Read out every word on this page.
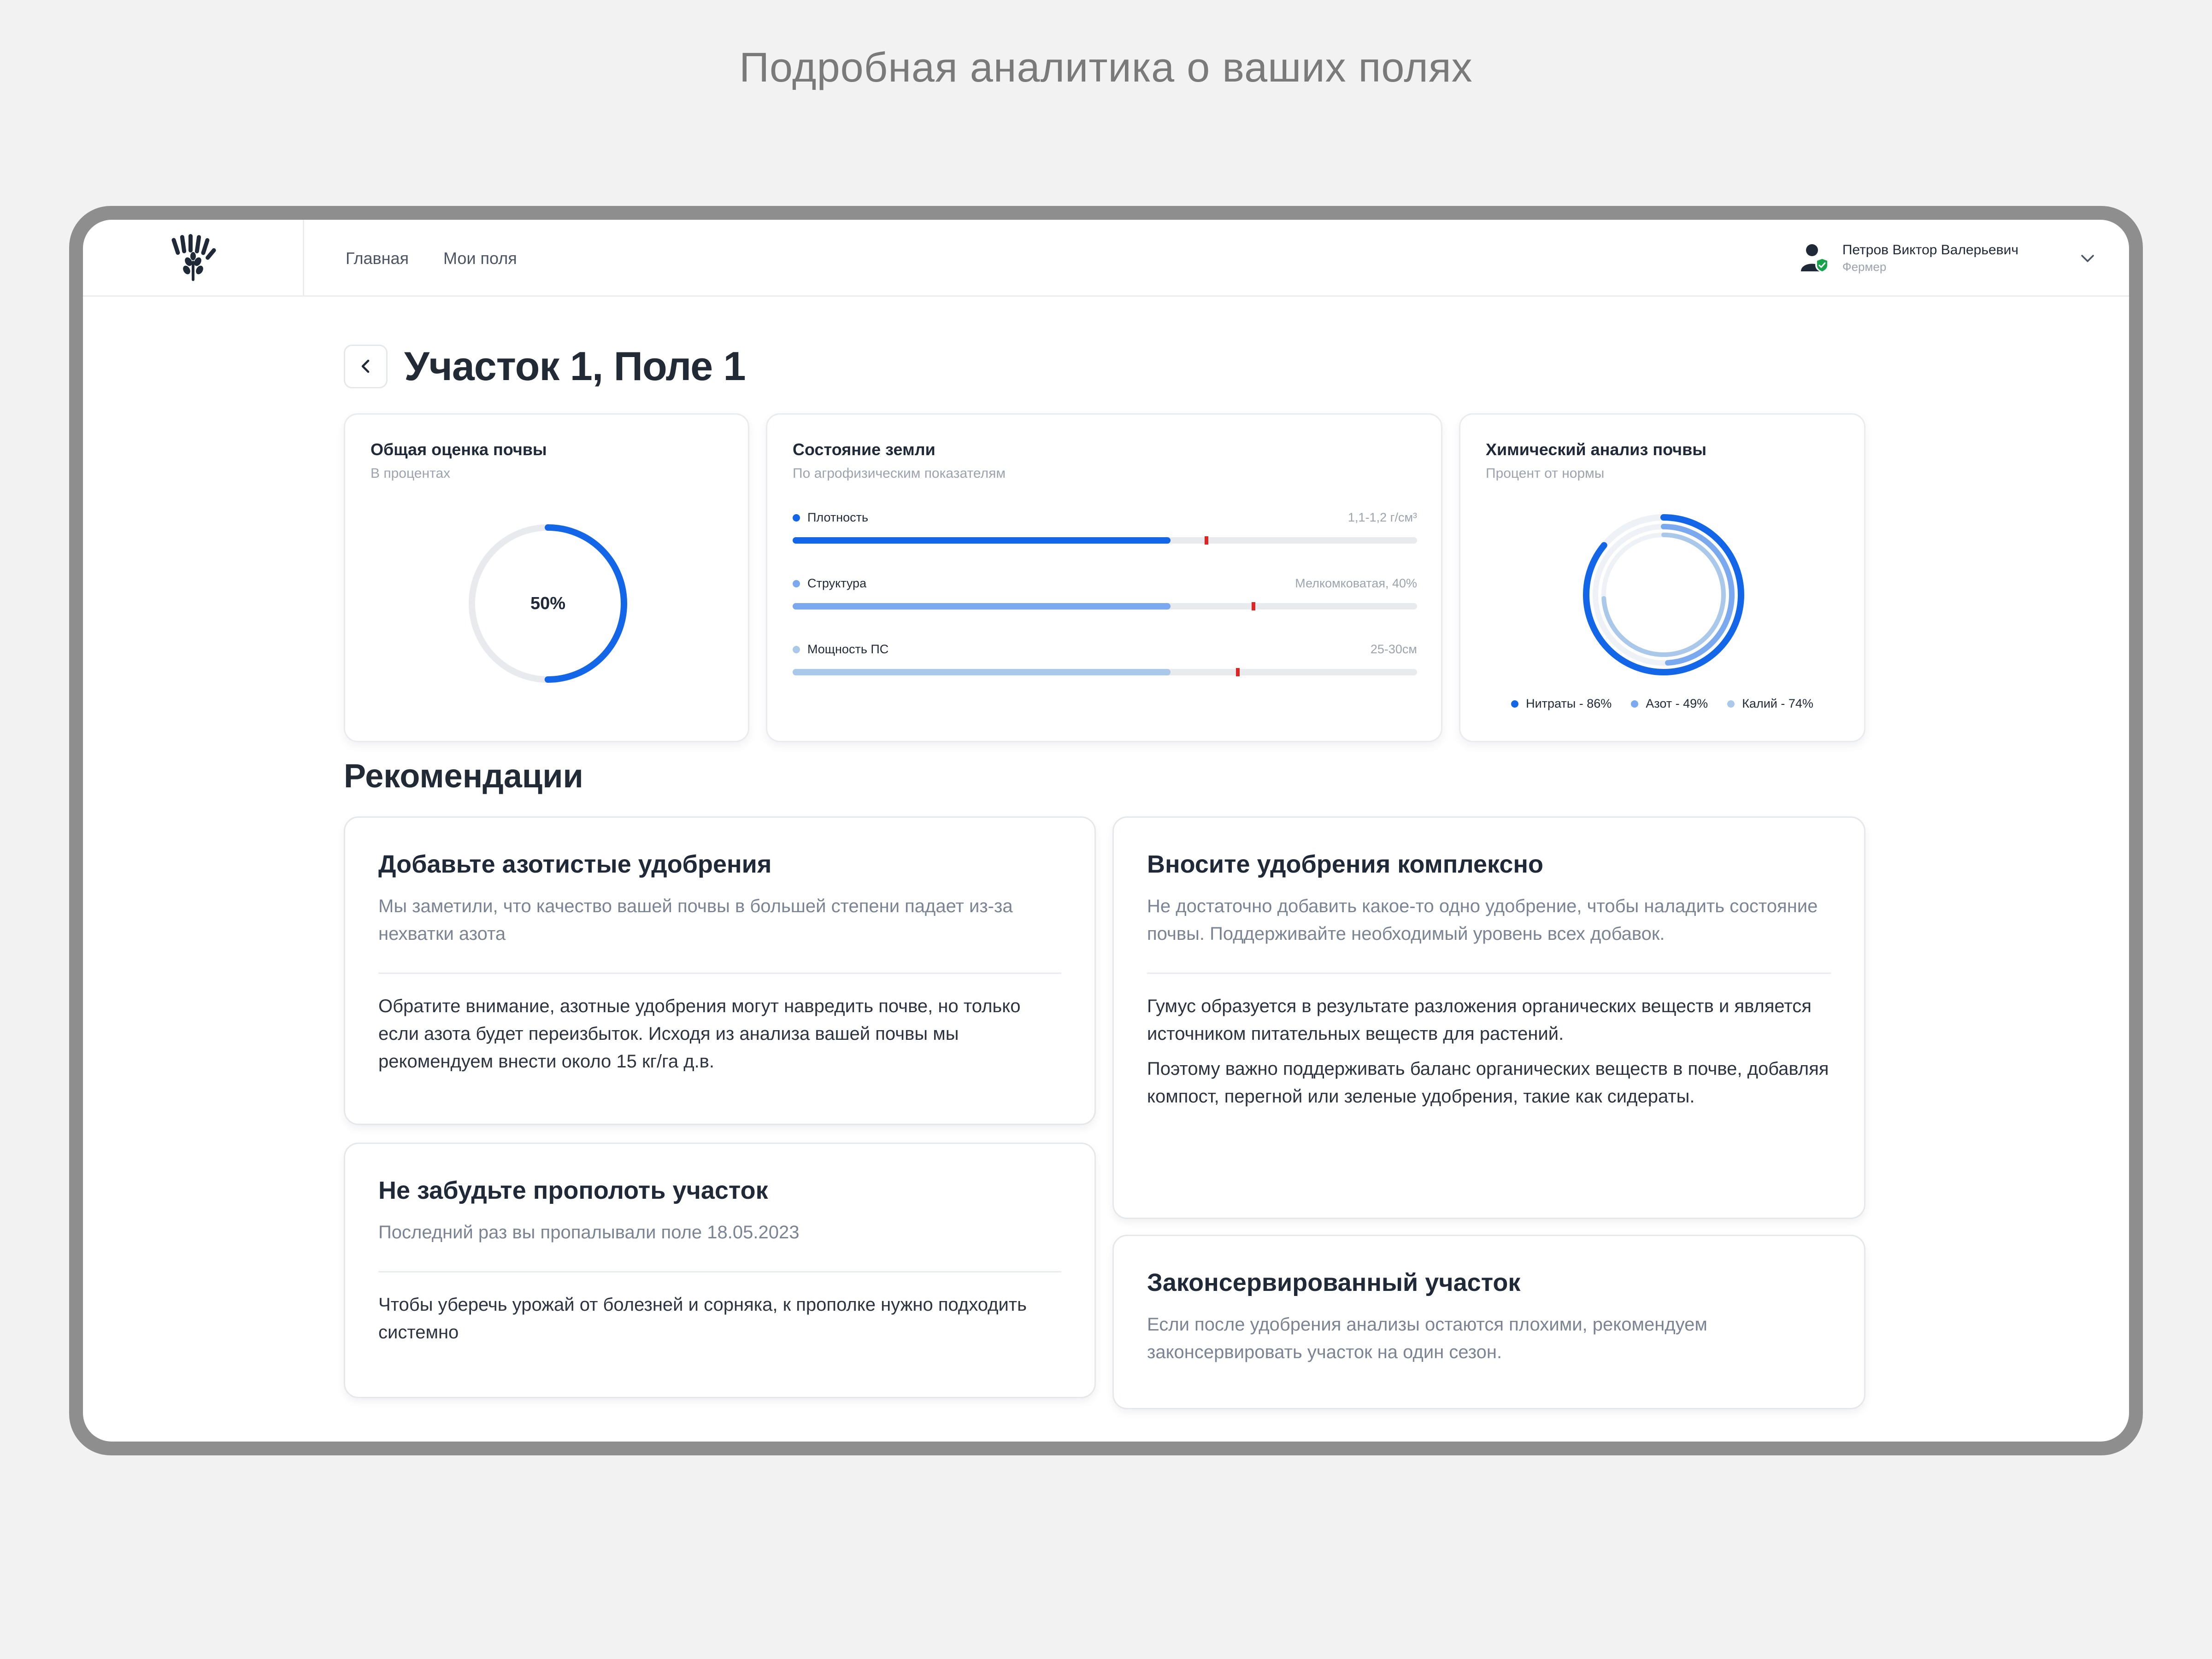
Подробная аналитика о ваших полях
Главная Мои поля	Петров Виктор Валерьевич
Фермер
Участок 1, Поле 1
Общая оценка почвы
В процентах
50%
Состояние земли
По агрофизическим показателям
Плотность	1,1-1,2 г/см³
Структура	Мелкомковатая, 40%
Мощность ПС	25-30см
Химический анализ почвы
Процент от нормы
Нитраты - 86%	Азот - 49%	Калий - 74%
Рекомендации
Добавьте азотистые удобрения
Мы заметили, что качество вашей почвы в большей степени падает из-за нехватки азота
Обратите внимание, азотные удобрения могут навредить почве, но только если азота будет переизбыток. Исходя из анализа вашей почвы мы рекомендуем внести около 15 кг/га д.в.
Вносите удобрения комплексно
Не достаточно добавить какое-то одно удобрение, чтобы наладить состояние почвы. Поддерживайте необходимый уровень всех добавок.
Гумус образуется в результате разложения органических веществ и является источником питательных веществ для растений.
Поэтому важно поддерживать баланс органических веществ в почве, добавляя компост, перегной или зеленые удобрения, такие как сидераты.
Не забудьте прополоть участок
Последний раз вы пропалывали поле 18.05.2023
Чтобы уберечь урожай от болезней и сорняка, к прополке нужно подходить системно
Законсервированный участок
Если после удобрения анализы остаются плохими, рекомендуем законсервировать участок на один сезон.
